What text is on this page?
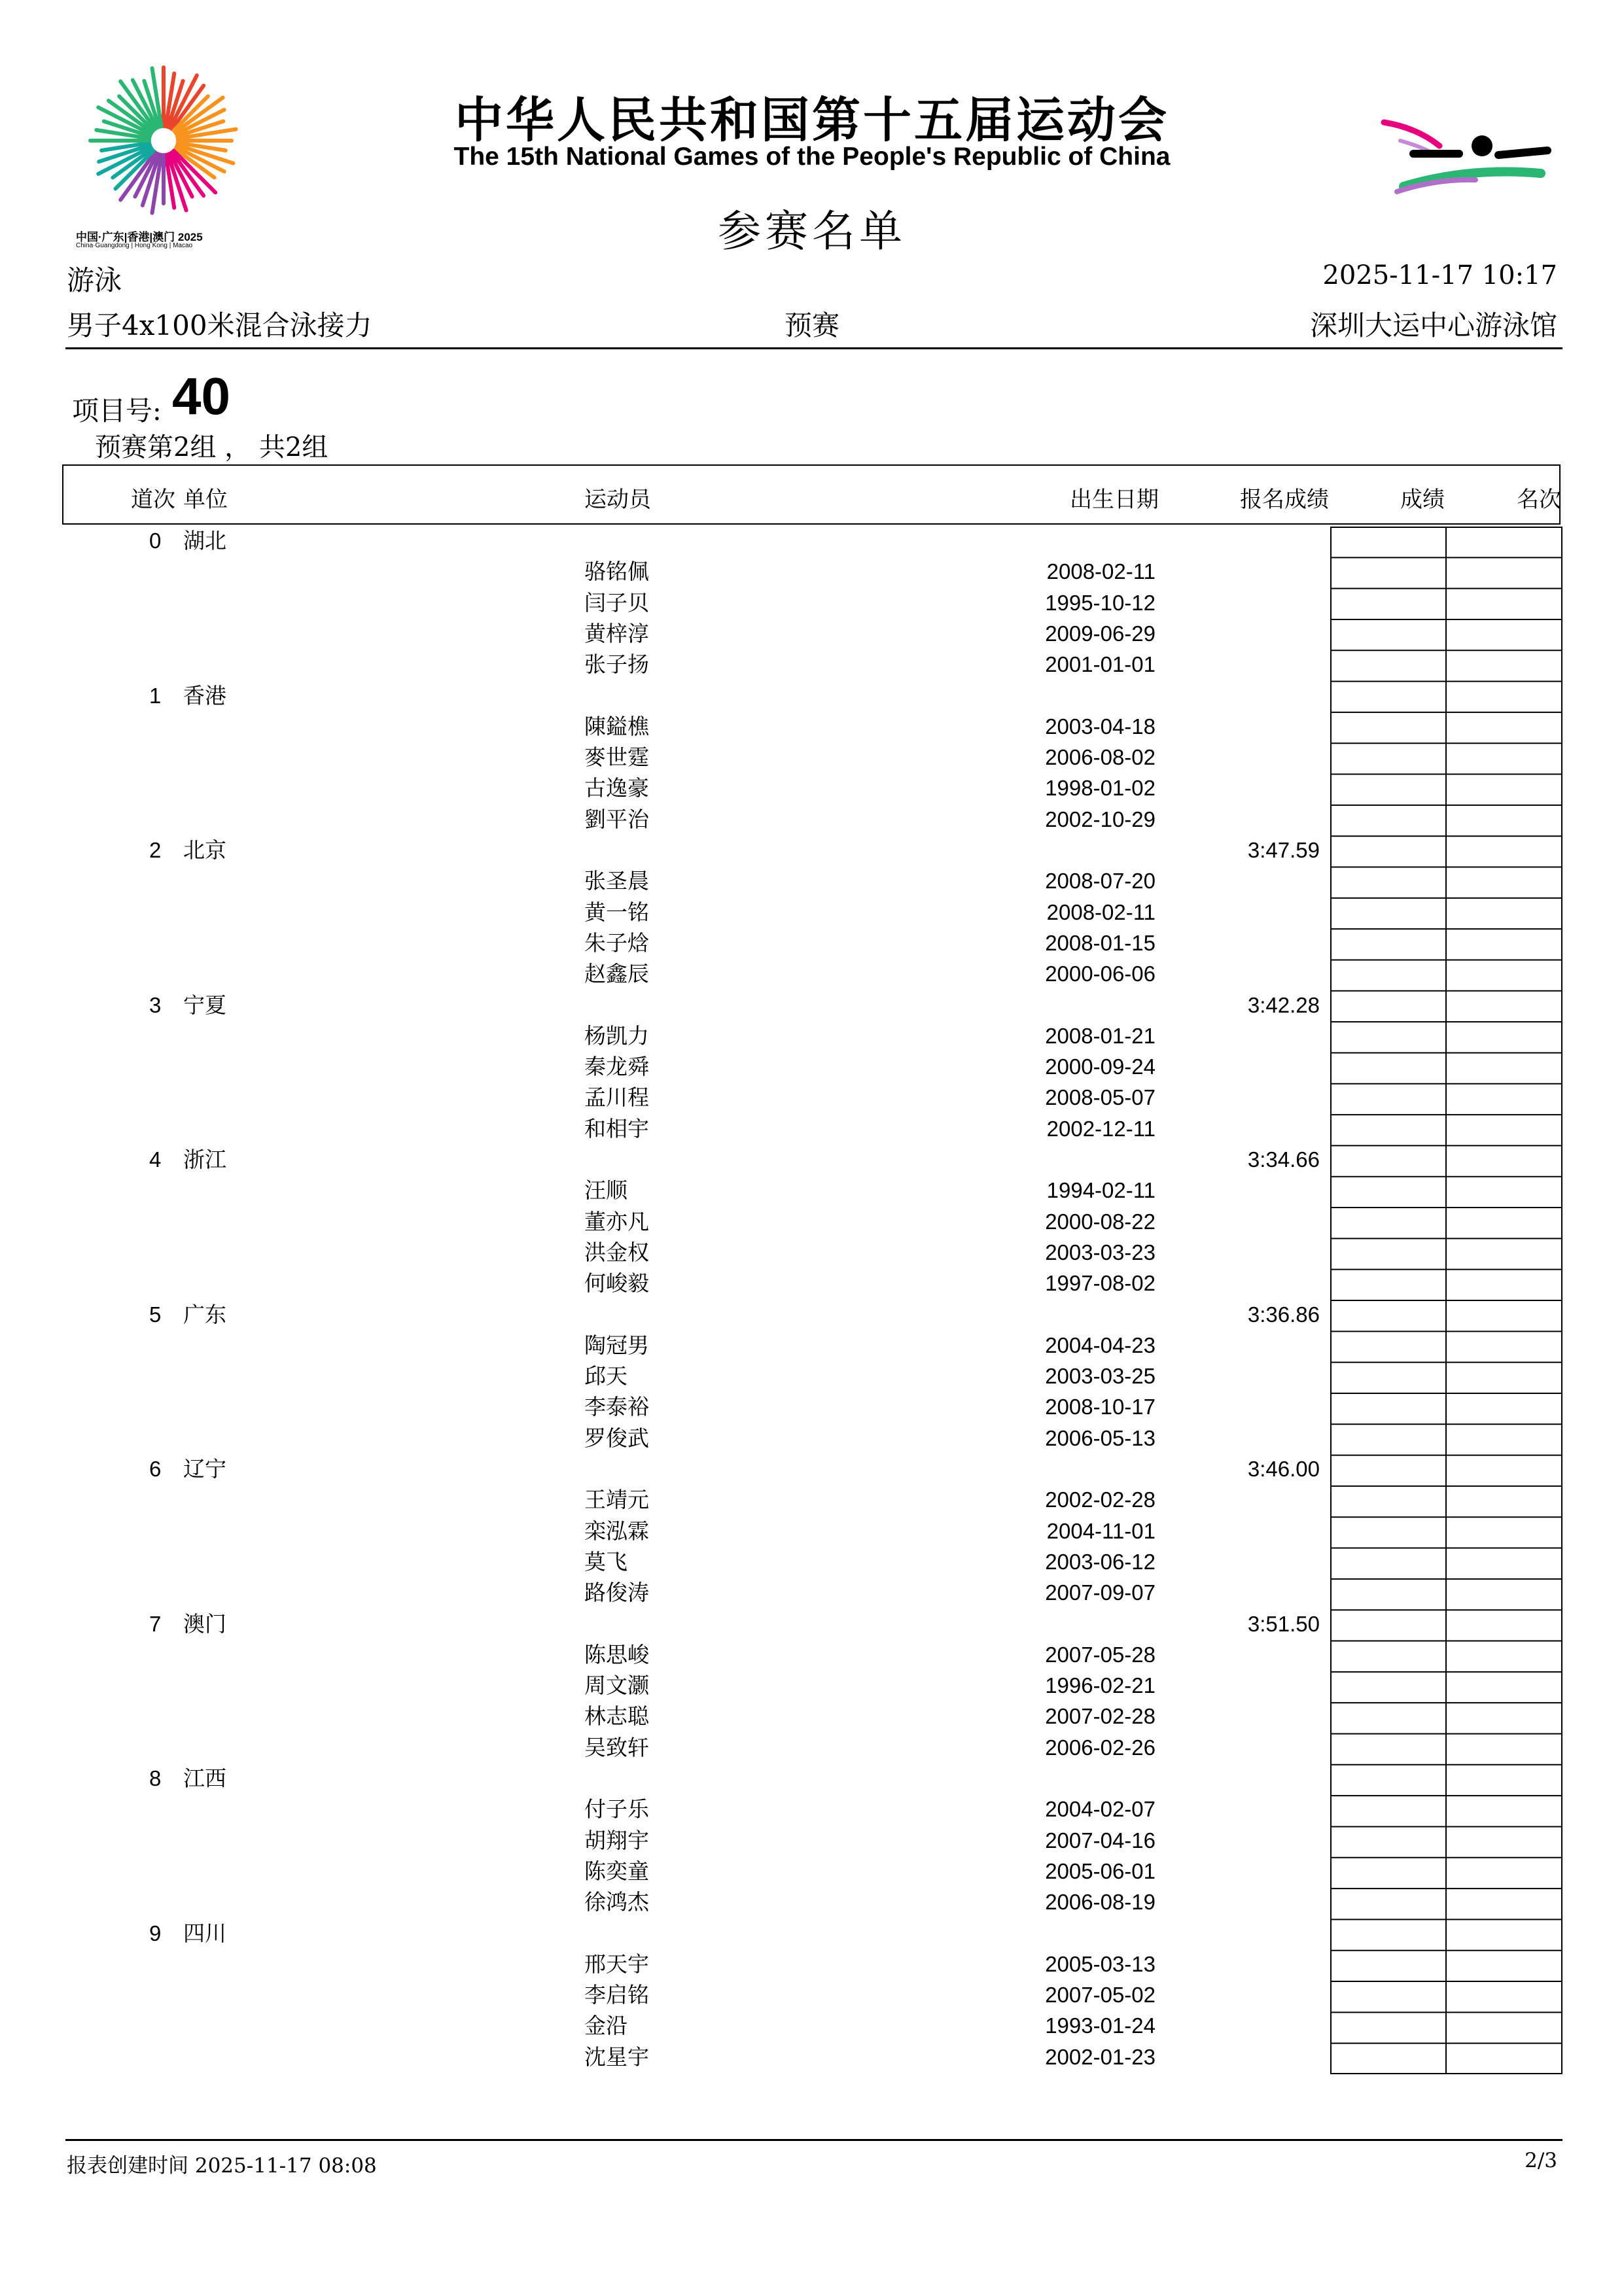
中国·广东|香港|澳门 2025
China·Guangdong | Hong Kong | Macao
中华人民共和国第十五届运动会
The 15th National Games of the People's Republic of China
参赛名单
游泳	2025-11-17 10:17
男子4x100米混合泳接力	预赛	深圳大运中心游泳馆
项目号: 40
预赛第2组 ， 共2组
道次 单位	运动员	出生日期	报名成绩	成绩	名次
0 湖北
骆铭佩	2008-02-11
闫子贝	1995-10-12
黄梓淳	2009-06-29
张子扬	2001-01-01
1 香港
陳鎰樵	2003-04-18
麥世霆	2006-08-02
古逸豪	1998-01-02
劉平治	2002-10-29
2 北京	3:47.59
张圣晨	2008-07-20
黄一铭	2008-02-11
朱子焓	2008-01-15
赵鑫辰	2000-06-06
3 宁夏	3:42.28
杨凯力	2008-01-21
秦龙舜	2000-09-24
孟川程	2008-05-07
和相宇	2002-12-11
4 浙江	3:34.66
汪顺	1994-02-11
董亦凡	2000-08-22
洪金权	2003-03-23
何峻毅	1997-08-02
5 广东	3:36.86
陶冠男	2004-04-23
邱天	2003-03-25
李泰裕	2008-10-17
罗俊武	2006-05-13
6 辽宁	3:46.00
王靖元	2002-02-28
栾泓霖	2004-11-01
莫飞	2003-06-12
路俊涛	2007-09-07
7 澳门	3:51.50
陈思峻	2007-05-28
周文灏	1996-02-21
林志聪	2007-02-28
吴致轩	2006-02-26
8 江西
付子乐	2004-02-07
胡翔宇	2007-04-16
陈奕童	2005-06-01
徐鸿杰	2006-08-19
9 四川
邢天宇	2005-03-13
李启铭	2007-05-02
金沿	1993-01-24
沈星宇	2002-01-23
报表创建时间 2025-11-17 08:08	2/3
